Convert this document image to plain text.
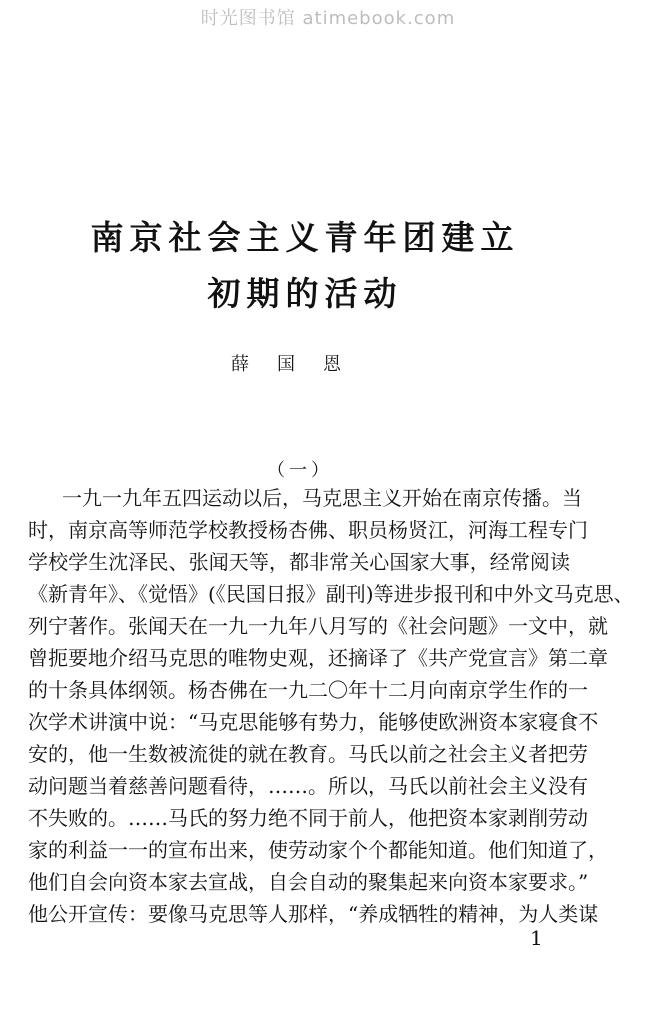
时光图书馆 atimebook.com
南京社会主义青年团建立
初期的活动
薛国恩
（一）
一九一九年五四运动以后，马克思主义开始在南京传播。当
时，南京高等师范学校教授杨杏佛、职员杨贤江，河海工程专门
学校学生沈泽民、张闻天等，都非常关心国家大事，经常阅读
《新青年》、《觉悟》(《民国日报》副刊)等进步报刊和中外文马克思、
列宁著作。张闻天在一九一九年八月写的《社会问题》一文中，就
曾扼要地介绍马克思的唯物史观，还摘译了《共产党宣言》第二章
的十条具体纲领。杨杏佛在一九二〇年十二月向南京学生作的一
次学术讲演中说：“马克思能够有势力，能够使欧洲资本家寝食不
安的，他一生数被流徙的就在教育。马氏以前之社会主义者把劳
动问题当着慈善问题看待，……。所以，马氏以前社会主义没有
不失败的。……马氏的努力绝不同于前人，他把资本家剥削劳动
家的利益一一的宣布出来，使劳动家个个都能知道。他们知道了，
他们自会向资本家去宣战，自会自动的聚集起来向资本家要求。”
他公开宣传：要像马克思等人那样，“养成牺牲的精神，为人类谋
1
